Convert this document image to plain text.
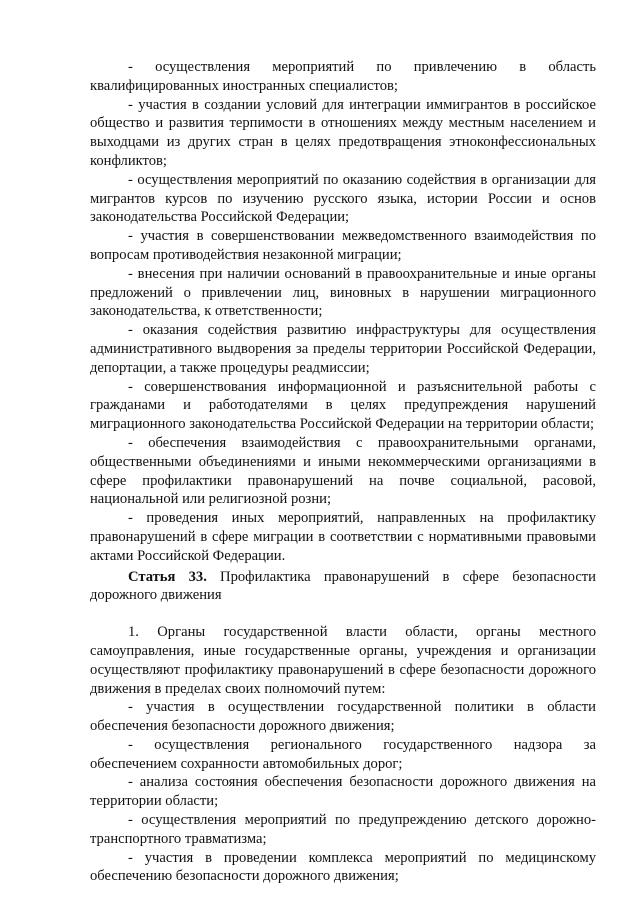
- осуществления мероприятий по привлечению в область квалифицированных иностранных специалистов;

- участия в создании условий для интеграции иммигрантов в российское общество и развития терпимости в отношениях между местным населением и выходцами из других стран в целях предотвращения этноконфессиональных конфликтов;

- осуществления мероприятий по оказанию содействия в организации для мигрантов курсов по изучению русского языка, истории России и основ законодательства Российской Федерации;

- участия в совершенствовании межведомственного взаимодействия по вопросам противодействия незаконной миграции;

- внесения при наличии оснований в правоохранительные и иные органы предложений о привлечении лиц, виновных в нарушении миграционного законодательства, к ответственности;

- оказания содействия развитию инфраструктуры для осуществления административного выдворения за пределы территории Российской Федерации, депортации, а также процедуры реадмиссии;

- совершенствования информационной и разъяснительной работы с гражданами и работодателями в целях предупреждения нарушений миграционного законодательства Российской Федерации на территории области;

- обеспечения взаимодействия с правоохранительными органами, общественными объединениями и иными некоммерческими организациями в сфере профилактики правонарушений на почве социальной, расовой, национальной или религиозной розни;

- проведения иных мероприятий, направленных на профилактику правонарушений в сфере миграции в соответствии с нормативными правовыми актами Российской Федерации.

Статья 33. Профилактика правонарушений в сфере безопасности дорожного движения

1. Органы государственной власти области, органы местного самоуправления, иные государственные органы, учреждения и организации осуществляют профилактику правонарушений в сфере безопасности дорожного движения в пределах своих полномочий путем:

- участия в осуществлении государственной политики в области обеспечения безопасности дорожного движения;

- осуществления регионального государственного надзора за обеспечением сохранности автомобильных дорог;

- анализа состояния обеспечения безопасности дорожного движения на территории области;

- осуществления мероприятий по предупреждению детского дорожно-транспортного травматизма;

- участия в проведении комплекса мероприятий по медицинскому обеспечению безопасности дорожного движения;
